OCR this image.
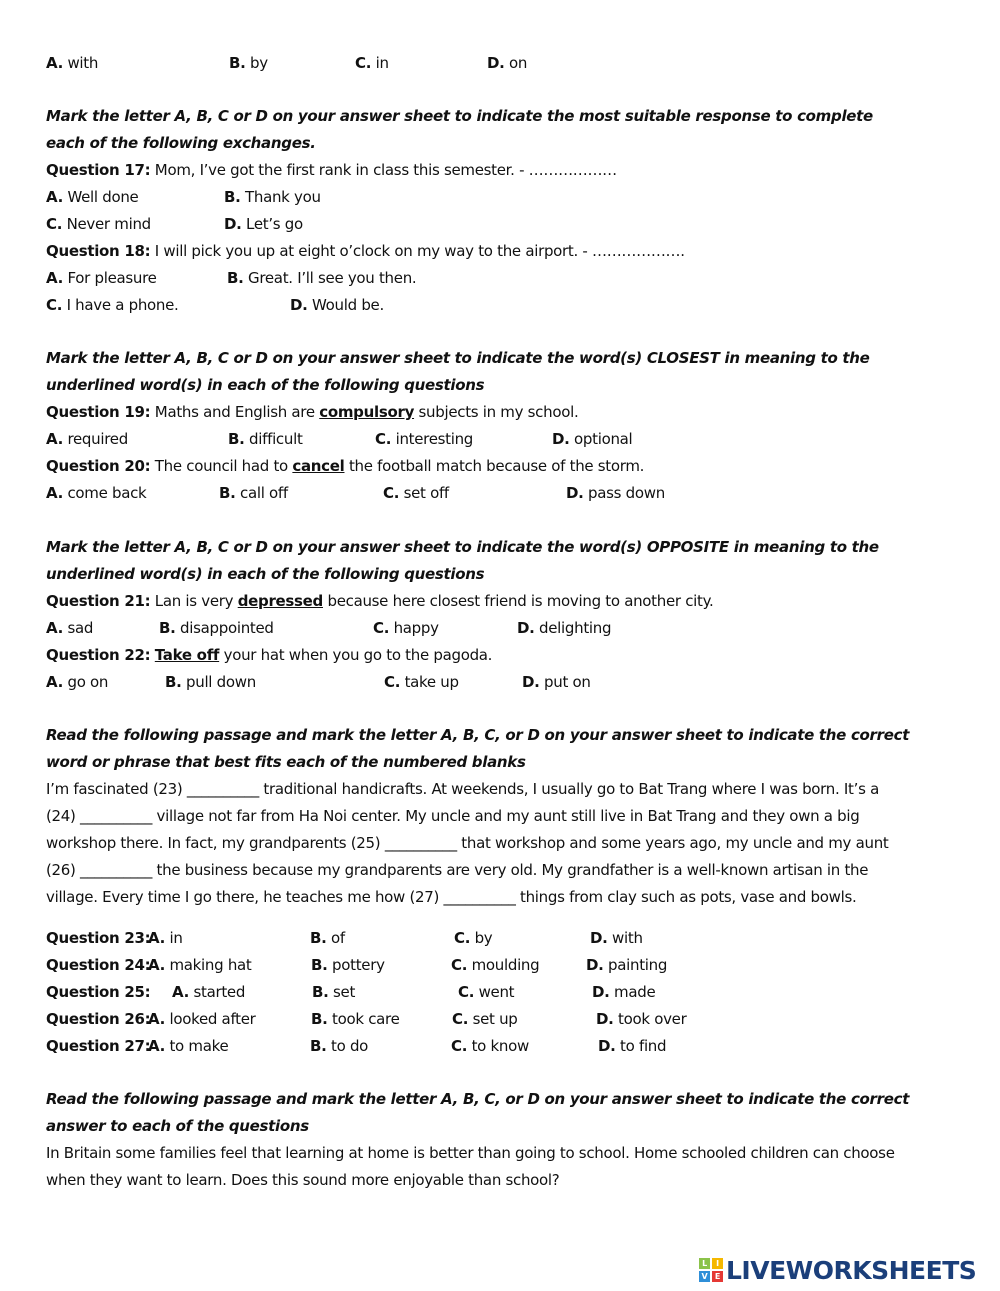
A. with	B. by	C. in	D. on
Mark the letter A, B, C or D on your answer sheet to indicate the most suitable response to complete
each of the following exchanges.
Question 17: Mom, I’ve got the first rank in class this semester. - ………………
A. Well done	B. Thank you
C. Never mind	D. Let’s go
Question 18: I will pick you up at eight o’clock on my way to the airport. - ……………….
A. For pleasure	B. Great. I’ll see you then.
C. I have a phone.	D. Would be.
Mark the letter A, B, C or D on your answer sheet to indicate the word(s) CLOSEST in meaning to the
underlined word(s) in each of the following questions
Question 19: Maths and English are compulsory subjects in my school.
A. required	B. difficult	C. interesting	D. optional
Question 20: The council had to cancel the football match because of the storm.
A. come back	B. call off	C. set off	D. pass down
Mark the letter A, B, C or D on your answer sheet to indicate the word(s) OPPOSITE in meaning to the
underlined word(s) in each of the following questions
Question 21: Lan is very depressed because here closest friend is moving to another city.
A. sad	B. disappointed	C. happy	D. delighting
Question 22: Take off your hat when you go to the pagoda.
A. go on	B. pull down	C. take up	D. put on
Read the following passage and mark the letter A, B, C, or D on your answer sheet to indicate the correct
word or phrase that best fits each of the numbered blanks
I’m fascinated (23) __________ traditional handicrafts. At weekends, I usually go to Bat Trang where I was born. It’s a
(24) __________ village not far from Ha Noi center. My uncle and my aunt still live in Bat Trang and they own a big
workshop there. In fact, my grandparents (25) __________ that workshop and some years ago, my uncle and my aunt
(26) __________ the business because my grandparents are very old. My grandfather is a well-known artisan in the
village. Every time I go there, he teaches me how (27) __________ things from clay such as pots, vase and bowls.
Question 23:
A. in	B. of	C. by	D. with
Question 24:
A. making hat	B. pottery	C. moulding	D. painting
Question 25: A. started	B. set	C. went	D. made
Question 26:
A. looked after	B. took care	C. set up	D. took over
Question 27:
A. to make	B. to do	C. to know	D. to find
Read the following passage and mark the letter A, B, C, or D on your answer sheet to indicate the correct
answer to each of the questions
In Britain some families feel that learning at home is better than going to school. Home schooled children can choose
when they want to learn. Does this sound more enjoyable than school?
L	I
V E LIVEWORKSHEETS
